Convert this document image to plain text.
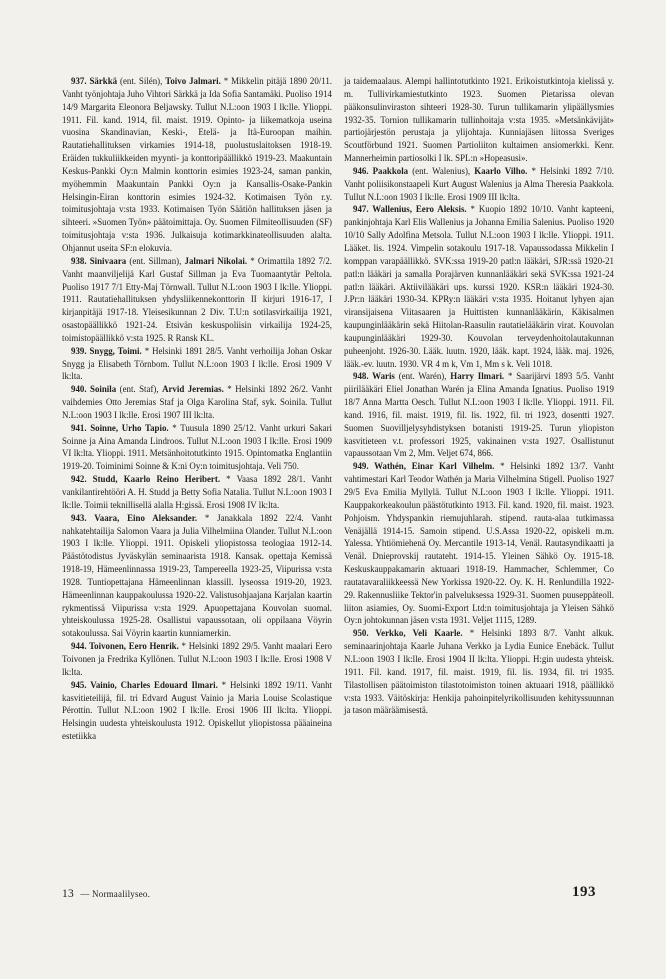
937. Särkkä (ent. Silén), Toivo Jalmari. * Mikkelin pitäjä 1890 20/11. Vanht työnjohtaja Juho Vihtori Särkkä ja Ida Sofia Santamäki. Puoliso 1914 14/9 Margarita Eleonora Beljawsky. Tullut N.L:oon 1903 I lk:lle. Ylioppi. 1911. Fil. kand. 1914, fil. maist. 1919. Opinto- ja liikematkoja useina vuosina Skandinavian, Keski-, Etelä- ja Itä-Euroopan maihin. Rautatiehallituksen virkamies 1914-18, puolustuslaitoksen 1918-19. Eräiden tukkuliikkeiden myynti- ja konttoripäällikkö 1919-23. Maakuntain Keskus-Pankki Oy:n Malmin konttorin esimies 1923-24, saman pankin, myöhemmin Maakuntain Pankki Oy:n ja Kansallis-Osake-Pankin Helsingin-Eiran konttorin esimies 1924-32. Kotimaisen Työn r.y. toimitusjohtaja v:sta 1933. Kotimaisen Työn Säätiön hallituksen jäsen ja sihteeri. »Suomen Työn» päätoimittaja. Oy. Suomen Filmiteollisuuden (SF) toimitusjohtaja v:sta 1936. Julkaisuja kotimarkkinateollisuuden alalta. Ohjannut useita SF:n elokuvia.

938. Sinivaara (ent. Sillman), Jalmari Nikolai. * Orimattila 1892 7/2. Vanht maanviljelijä Karl Gustaf Sillman ja Eva Tuomaantytär Peltola. Puoliso 1917 7/1 Etty-Maj Törnwall. Tullut N.L:oon 1903 I lk:lle. Ylioppi. 1911. Rautatiehallituksen yhdysliikennekonttorin II kirjuri 1916-17, I kirjanpitäjä 1917-18. Yleisesikunnan 2 Div. T.U:n sotilasvirkailija 1921, osastopäällikkö 1921-24. Etsivän keskuspoliisin virkailija 1924-25, toimistopäällikkö v:sta 1925. R Ransk KL.

939. Snygg, Toimi. * Helsinki 1891 28/5. Vanht verhoilija Johan Oskar Snygg ja Elisabeth Törnbom. Tullut N.L:oon 1903 I lk:lle. Erosi 1909 V lk:lta.

940. Soinila (ent. Staf), Arvid Jeremias. * Helsinki 1892 26/2. Vanht vaihdemies Otto Jeremias Staf ja Olga Karolina Staf, syk. Soinila. Tullut N.L:oon 1903 I lk:lle. Erosi 1907 III lk:lta.

941. Soinne, Urho Tapio. * Tuusula 1890 25/12. Vanht urkuri Sakari Soinne ja Aina Amanda Lindroos. Tullut N.L:oon 1903 I lk:lle. Erosi 1909 VI lk:lta. Ylioppi. 1911. Metsänhoitotutkinto 1915. Opintomatka Englantiin 1919-20. Toiminimi Soinne & K:ni Oy:n toimitusjohtaja. Veli 750.

942. Studd, Kaarlo Reino Heribert. * Vaasa 1892 28/1. Vanht vankilantirehtööri A. H. Studd ja Betty Sofia Natalia. Tullut N.L:oon 1903 I lk:lle. Toimii teknillisellä alalla H:gissä. Erosi 1908 IV lk:lta.

943. Vaara, Eino Aleksander. * Janakkala 1892 22/4. Vanht nahkatehtailija Salomon Vaara ja Julia Vilhelmiina Olander. Tullut N.L:oon 1903 I lk:lle. Ylioppi. 1911. Opiskeli yliopistossa teologiaa 1912-14. Päästötodistus Jyväskylän seminaarista 1918. Kansak. opettaja Kemissä 1918-19, Hämeenlinnassa 1919-23, Tampereella 1923-25, Viipurissa v:sta 1928. Tuntiopettajana Hämeenlinnan klassill. lyseossa 1919-20, 1923. Hämeenlinnan kauppakoulussa 1920-22. Valistusohjaajana Karjalan kaartin rykmentissä Viipurissa v:sta 1929. Apuopettajana Kouvolan suomal. yhteiskoulussa 1925-28. Osallistui vapaussotaan, oli oppilaana Vöyrin sotakoulussa. Sai Vöyrin kaartin kunniamerkin.

944. Toivonen, Eero Henrik. * Helsinki 1892 29/5. Vanht maalari Eero Toivonen ja Fredrika Kyllönen. Tullut N.L:oon 1903 I lk:lle. Erosi 1908 V lk:lta.

945. Vainio, Charles Edouard Ilmari. * Helsinki 1892 19/11. Vanht kasvitieteilijä, fil. tri Edvard August Vainio ja Maria Louise Scolastique Pérottin. Tullut N.L:oon 1902 I lk:lle. Erosi 1906 III lk:lta. Ylioppi. Helsingin uudesta yhteiskoulusta 1912. Opiskellut yliopistossa pääaineina estetiikka

ja taidemaalaus. Alempi hallintotutkinto 1921. Erikoistutkintoja kielissä y. m. Tullivirkamiestutkinto 1923. Suomen Pietarissa olevan pääkonsulinviraston sihteeri 1928-30. Turun tullikamarin ylipäällysmies 1932-35. Tornion tullikamarin tullinhoitaja v:sta 1935. »Metsänkävijät» partiojärjestön perustaja ja ylijohtaja. Kunniajäsen liitossa Sveriges Scoutförbund 1921. Suomen Partioliiton kultaimen ansiomerkki. Kenr. Mannerheimin partiosolki I lk. SPL:n »Hopeasusi».

946. Paakkola (ent. Walenius), Kaarlo Vilho. * Helsinki 1892 7/10. Vanht poliisikonstaapeli Kurt August Walenius ja Alma Theresia Paakkola. Tullut N.L:oon 1903 I lk:lle. Erosi 1909 III lk:lta.

947. Wallenius, Eero Aleksis. * Kuopio 1892 10/10. Vanht kapteeni, pankinjohtaja Karl Elis Wallenius ja Johanna Emilia Salenius. Puoliso 1920 10/10 Sally Adolfina Metsola. Tullut N.L:oon 1903 I lk:lle. Ylioppi. 1911. Lääket. lis. 1924. Vimpelin sotakoulu 1917-18. Vapaussodassa Mikkelin I komppan varapäällikkö. SVK:ssa 1919-20 patl:n lääkäri, SJR:ssä 1920-21 patl:n lääkäri ja samalla Porajärven kunnanlääkäri sekä SVK:ssa 1921-24 patl:n lääkäri. Aktiivilääkäri ups. kurssi 1920. KSR:n lääkäri 1924-30. J.Pr:n lääkäri 1930-34. KPRy:n lääkäri v:sta 1935. Hoitanut lyhyen ajan viransijaisena Viitasaaren ja Huittisten kunnanlääkärin, Käkisalmen kaupunginlääkärin sekä Hiitolan-Raasulin rautatielääkärin virat. Kouvolan kaupunginlääkäri 1929-30. Kouvolan terveydenhoitolautakunnan puheenjoht. 1926-30. Lääk. luutn. 1920, lääk. kapt. 1924, lääk. maj. 1926, lääk.-ev. luutn. 1930. VR 4 m k, Vm 1, Mm s k. Veli 1018.

948. Waris (ent. Warén), Harry Ilmari. * Saarijärvi 1893 5/5. Vanht piirilääkäri Eliel Jonathan Warén ja Elina Amanda Ignatius. Puoliso 1919 18/7 Anna Martta Oesch. Tullut N.L:oon 1903 I lk:lle. Ylioppi. 1911. Fil. kand. 1916, fil. maist. 1919, fil. lis. 1922, fil. tri 1923, dosentti 1927. Suomen Suovilljelysyhdistyksen botanisti 1919-25. Turun yliopiston kasvitieteen v.t. professori 1925, vakinainen v:sta 1927. Osallistunut vapaussotaan Vm 2, Mm. Veljet 674, 866.

949. Wathén, Einar Karl Vilhelm. * Helsinki 1892 13/7. Vanht vahtimestari Karl Teodor Wathén ja Maria Vilhelmina Stigell. Puoliso 1927 29/5 Eva Emilia Myllylä. Tullut N.L:oon 1903 I lk:lle. Ylioppi. 1911. Kauppakorkeakoulun päästötutkinto 1913. Fil. kand. 1920, fil. maist. 1923. Pohjoism. Yhdyspankin riemujuhlarah. stipend. rauta-alaa tutkimassa Venäjällä 1914-15. Samoin stipend. U.S.Assa 1920-22, opiskeli m.m. Yalessa. Yhtiömiehenä Oy. Mercantile 1913-14, Venäl. Rautasyndikaatti ja Venäl. Dnieprovskij rautateht. 1914-15. Yleinen Sähkö Oy. 1915-18. Keskuskauppakamarin aktuaari 1918-19. Hammacher, Schlemmer, Co rautatavaraliikkeessä New Yorkissa 1920-22. Oy. K. H. Renlundilla 1922-29. Rakennusliike Tektor'in palveluksessa 1929-31. Suomen puuseppäteoll. liiton asiamies, Oy. Suomi-Export Ltd:n toimitusjohtaja ja Yleisen Sähkö Oy:n johtokunnan jäsen v:sta 1931. Veljet 1115, 1289.

950. Verkko, Veli Kaarle. * Helsinki 1893 8/7. Vanht alkuk. seminaarinjohtaja Kaarle Juhana Verkko ja Lydia Eunice Enebäck. Tullut N.L:oon 1903 I lk:lle. Erosi 1904 II lk:lta. Ylioppi. H:gin uudesta yhteisk. 1911. Fil. kand. 1917, fil. maist. 1919, fil. lis. 1934, fil. tri 1935. Tilastollisen päätoimiston tilastotoimiston toinen aktuaari 1918, päällikkö v:sta 1933. Väitöskirja: Henkija pahoinpitelyrikollisuuden kehityssuunnan ja tason määräämisestä.

13 — Normaalilyseo.	193
